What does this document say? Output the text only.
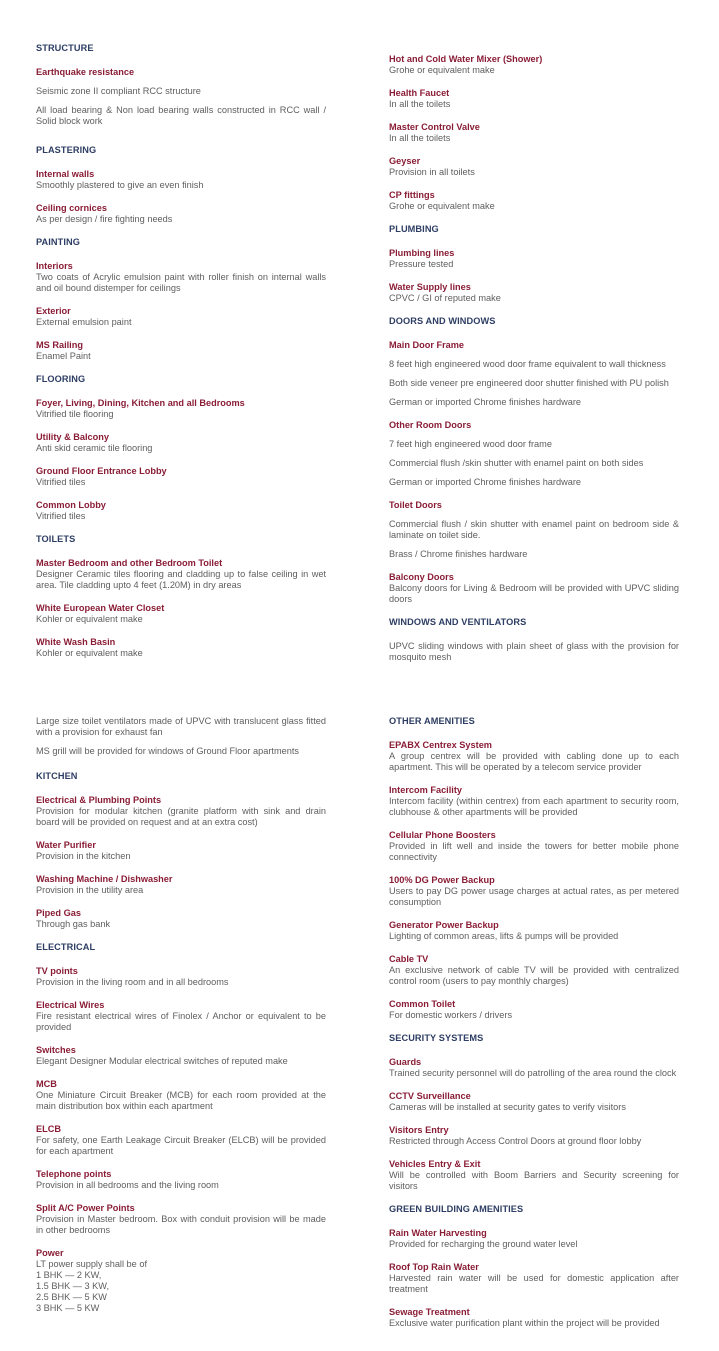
STRUCTURE
Earthquake resistance
Seismic zone II compliant RCC structure
All load bearing & Non load bearing walls constructed in RCC wall / Solid block work
PLASTERING
Internal walls
Smoothly plastered to give an even finish
Ceiling cornices
As per design / fire fighting needs
PAINTING
Interiors
Two coats of Acrylic emulsion paint with roller finish on internal walls and oil bound distemper for ceilings
Exterior
External emulsion paint
MS Railing
Enamel Paint
FLOORING
Foyer, Living, Dining, Kitchen and all Bedrooms
Vitrified tile flooring
Utility & Balcony
Anti skid ceramic tile flooring
Ground Floor Entrance Lobby
Vitrified tiles
Common Lobby
Vitrified tiles
TOILETS
Master Bedroom and other Bedroom Toilet
Designer Ceramic tiles flooring and cladding up to false ceiling in wet area. Tile cladding upto 4 feet (1.20M) in dry areas
White European Water Closet
Kohler or equivalent make
White Wash Basin
Kohler or equivalent make
Hot and Cold Water Mixer (Shower)
Grohe or equivalent make
Health Faucet
In all the toilets
Master Control Valve
In all the toilets
Geyser
Provision in all toilets
CP fittings
Grohe or equivalent make
PLUMBING
Plumbing lines
Pressure tested
Water Supply lines
CPVC / GI of reputed make
DOORS AND WINDOWS
Main Door Frame
8 feet high engineered wood door frame equivalent to wall thickness
Both side veneer pre engineered door shutter finished with PU polish
German or imported Chrome finishes hardware
Other Room Doors
7 feet high engineered wood door frame
Commercial flush /skin shutter with enamel paint on both sides
German or imported Chrome finishes hardware
Toilet Doors
Commercial flush / skin shutter with enamel paint on bedroom side & laminate on toilet side.
Brass / Chrome finishes hardware
Balcony Doors
Balcony doors for Living & Bedroom will be provided with UPVC sliding doors
WINDOWS AND VENTILATORS
UPVC sliding windows with plain sheet of glass with the provision for mosquito mesh
Large size toilet ventilators made of UPVC with translucent glass fitted with a provision for exhaust fan
MS grill will be provided for windows of Ground Floor apartments
KITCHEN
Electrical & Plumbing Points
Provision for modular kitchen (granite platform with sink and drain board will be provided on request and at an extra cost)
Water Purifier
Provision in the kitchen
Washing Machine / Dishwasher
Provision in the utility area
Piped Gas
Through gas bank
ELECTRICAL
TV points
Provision in the living room and in all bedrooms
Electrical Wires
Fire resistant electrical wires of Finolex / Anchor or equivalent to be provided
Switches
Elegant Designer Modular electrical switches of reputed make
MCB
One Miniature Circuit Breaker (MCB) for each room provided at the main distribution box within each apartment
ELCB
For safety, one Earth Leakage Circuit Breaker (ELCB) will be provided for each apartment
Telephone points
Provision in all bedrooms and the living room
Split A/C Power Points
Provision in Master bedroom. Box with conduit provision will be made in other bedrooms
Power
LT power supply shall be of
1 BHK — 2 KW,
1.5 BHK — 3 KW,
2.5 BHK — 5 KW
3 BHK — 5 KW
OTHER AMENITIES
EPABX Centrex System
A group centrex will be provided with cabling done up to each apartment. This will be operated by a telecom service provider
Intercom Facility
Intercom facility (within centrex) from each apartment to security room, clubhouse & other apartments will be provided
Cellular Phone Boosters
Provided in lift well and inside the towers for better mobile phone connectivity
100% DG Power Backup
Users to pay DG power usage charges at actual rates, as per metered consumption
Generator Power Backup
Lighting of common areas, lifts & pumps will be provided
Cable TV
An exclusive network of cable TV will be provided with centralized control room (users to pay monthly charges)
Common Toilet
For domestic workers / drivers
SECURITY SYSTEMS
Guards
Trained security personnel will do patrolling of the area round the clock
CCTV Surveillance
Cameras will be installed at security gates to verify visitors
Visitors Entry
Restricted through Access Control Doors at ground floor lobby
Vehicles Entry & Exit
Will be controlled with Boom Barriers and Security screening for visitors
GREEN BUILDING AMENITIES
Rain Water Harvesting
Provided for recharging the ground water level
Roof Top Rain Water
Harvested rain water will be used for domestic application after treatment
Sewage Treatment
Exclusive water purification plant within the project will be provided
